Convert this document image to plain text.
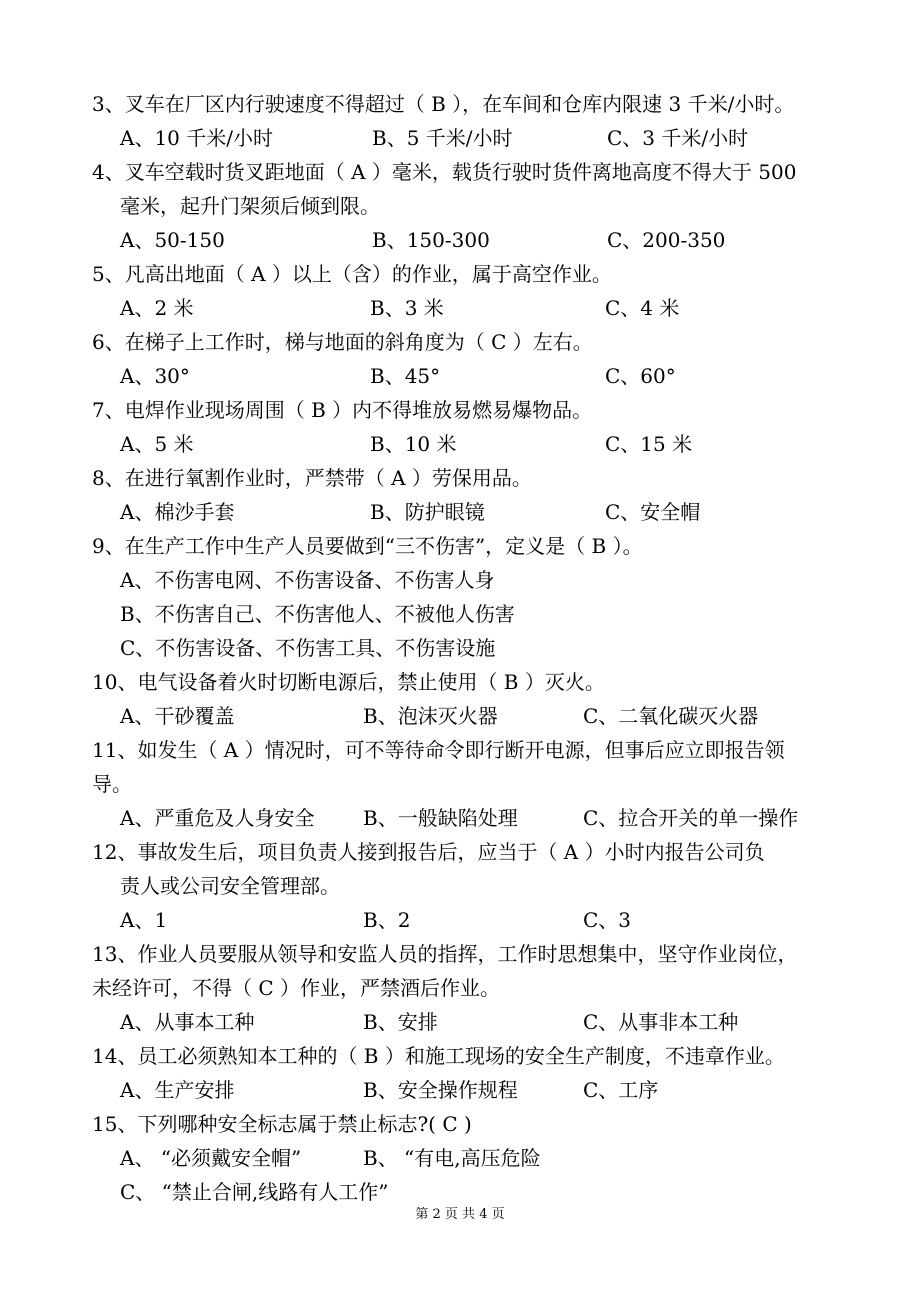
3、叉车在厂区内行驶速度不得超过（ B ），在车间和仓库内限速 3 千米/小时。
A、10 千米/小时	B、5 千米/小时	C、3 千米/小时
4、叉车空载时货叉距地面（ A ）毫米，载货行驶时货件离地高度不得大于 500
毫米，起升门架须后倾到限。
A、50-150	B、150-300	C、200-350
5、凡高出地面（ A ）以上（含）的作业，属于高空作业。
A、2 米	B、3 米	C、4 米
6、在梯子上工作时，梯与地面的斜角度为（ C ）左右。
A、30°	B、45°	C、60°
7、电焊作业现场周围（ B ）内不得堆放易燃易爆物品。
A、5 米	B、10 米	C、15 米
8、在进行氧割作业时，严禁带（ A ）劳保用品。
A、棉沙手套	B、防护眼镜	C、安全帽
9、在生产工作中生产人员要做到“三不伤害”，定义是（ B ）。
A、不伤害电网、不伤害设备、不伤害人身
B、不伤害自己、不伤害他人、不被他人伤害
C、不伤害设备、不伤害工具、不伤害设施
10、电气设备着火时切断电源后，禁止使用（ B ）灭火。
A、干砂覆盖	B、泡沫灭火器	C、二氧化碳灭火器
11、如发生（ A ）情况时，可不等待命令即行断开电源，但事后应立即报告领
导。
A、严重危及人身安全 B、一般缺陷处理	C、拉合开关的单一操作
12、事故发生后，项目负责人接到报告后，应当于（ A ）小时内报告公司负
责人或公司安全管理部。
A、1	B、2	C、3
13、作业人员要服从领导和安监人员的指挥，工作时思想集中，坚守作业岗位，
未经许可，不得（ C ）作业，严禁酒后作业。
A、从事本工种	B、安排	C、从事非本工种
14、员工必须熟知本工种的（ B ）和施工现场的安全生产制度，不违章作业。
A、生产安排	B、安全操作规程	C、工序
15、下列哪种安全标志属于禁止标志?( C )
A、 “必须戴安全帽”	B、 “有电,高压危险
C、 “禁止合闸,线路有人工作”
第 2 页 共 4 页
